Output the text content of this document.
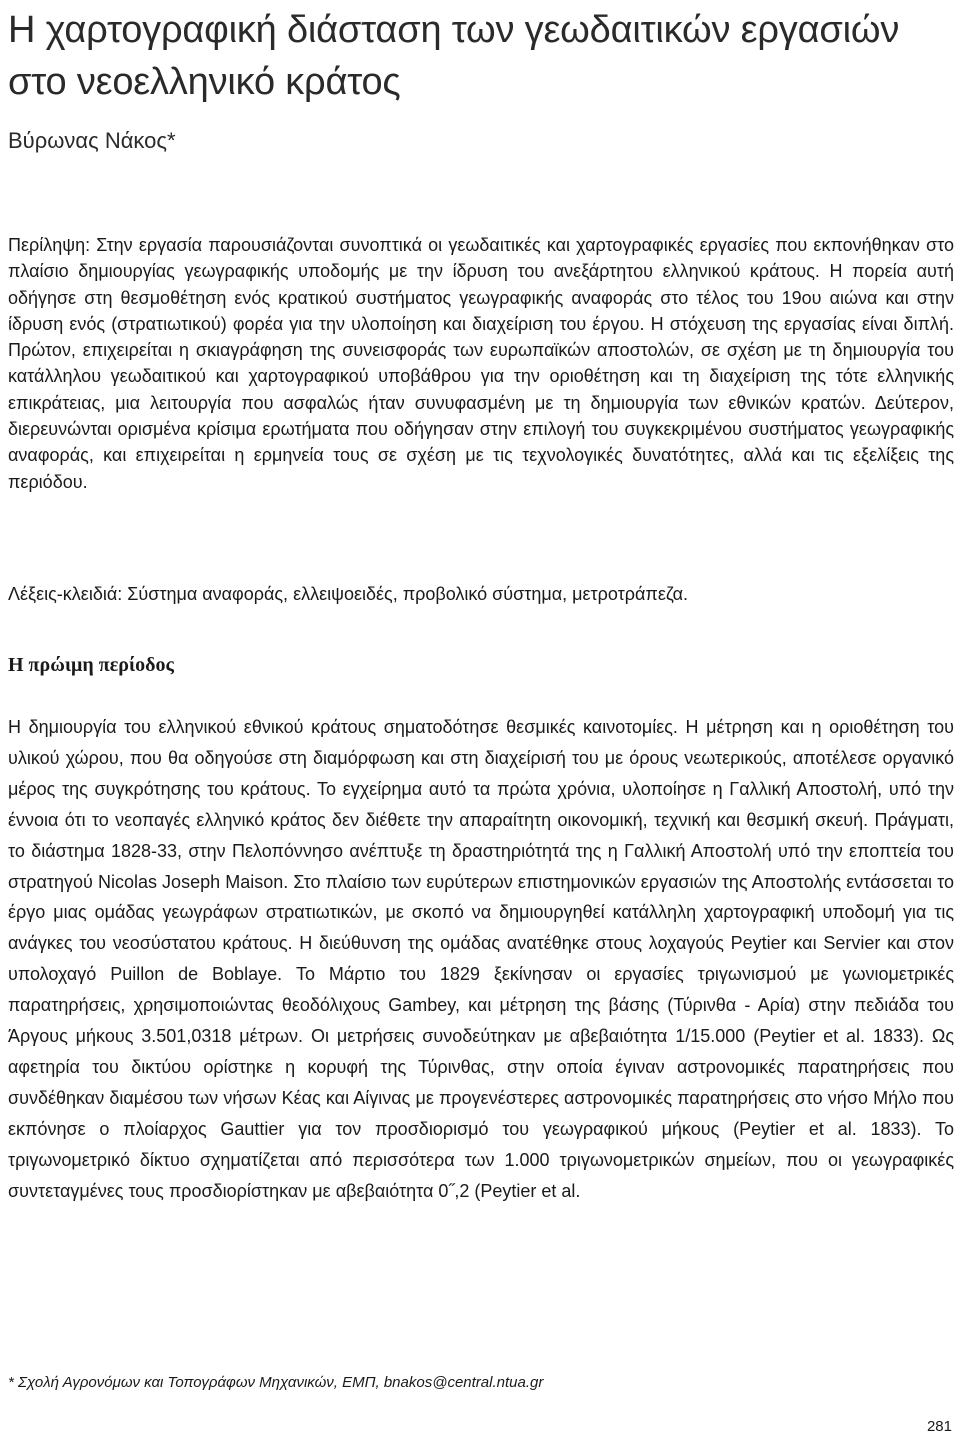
Η χαρτογραφική διάσταση των γεωδαιτικών εργασιών στο νεοελληνικό κράτος
Βύρωνας Νάκος*
Περίληψη: Στην εργασία παρουσιάζονται συνοπτικά οι γεωδαιτικές και χαρτογραφικές εργασίες που εκπονήθηκαν στο πλαίσιο δημιουργίας γεωγραφικής υποδομής με την ίδρυση του ανεξάρτητου ελληνικού κράτους. Η πορεία αυτή οδήγησε στη θεσμοθέτηση ενός κρατικού συστήματος γεωγραφικής αναφοράς στο τέλος του 19ου αιώνα και στην ίδρυση ενός (στρατιωτικού) φορέα για την υλοποίηση και διαχείριση του έργου. Η στόχευση της εργασίας είναι διπλή. Πρώτον, επιχειρείται η σκιαγράφηση της συνεισφοράς των ευρωπαϊκών αποστολών, σε σχέση με τη δημιουργία του κατάλληλου γεωδαιτικού και χαρτογραφικού υποβάθρου για την οριοθέτηση και τη διαχείριση της τότε ελληνικής επικράτειας, μια λειτουργία που ασφαλώς ήταν συνυφασμένη με τη δημιουργία των εθνικών κρατών. Δεύτερον, διερευνώνται ορισμένα κρίσιμα ερωτήματα που οδήγησαν στην επιλογή του συγκεκριμένου συστήματος γεωγραφικής αναφοράς, και επιχειρείται η ερμηνεία τους σε σχέση με τις τεχνολογικές δυνατότητες, αλλά και τις εξελίξεις της περιόδου.
Λέξεις-κλειδιά: Σύστημα αναφοράς, ελλειψοειδές, προβολικό σύστημα, μετροτράπεζα.
Η πρώιμη περίοδος
Η δημιουργία του ελληνικού εθνικού κράτους σηματοδότησε θεσμικές καινοτομίες. Η μέτρηση και η οριοθέτηση του υλικού χώρου, που θα οδηγούσε στη διαμόρφωση και στη διαχείρισή του με όρους νεωτερικούς, αποτέλεσε οργανικό μέρος της συγκρότησης του κράτους. Το εγχείρημα αυτό τα πρώτα χρόνια, υλοποίησε η Γαλλική Αποστολή, υπό την έννοια ότι το νεοπαγές ελληνικό κράτος δεν διέθετε την απαραίτητη οικονομική, τεχνική και θεσμική σκευή. Πράγματι, το διάστημα 1828-33, στην Πελοπόννησο ανέπτυξε τη δραστηριότητά της η Γαλλική Αποστολή υπό την εποπτεία του στρατηγού Nicolas Joseph Maison. Στο πλαίσιο των ευρύτερων επιστημονικών εργασιών της Αποστολής εντάσσεται το έργο μιας ομάδας γεωγράφων στρατιωτικών, με σκοπό να δημιουργηθεί κατάλληλη χαρτογραφική υποδομή για τις ανάγκες του νεοσύστατου κράτους. Η διεύθυνση της ομάδας ανατέθηκε στους λοχαγούς Peytier και Servier και στον υπολοχαγό Puillon de Boblaye. Το Μάρτιο του 1829 ξεκίνησαν οι εργασίες τριγωνισμού με γωνιομετρικές παρατηρήσεις, χρησιμοποιώντας θεοδόλιχους Gambey, και μέτρηση της βάσης (Τύρινθα - Αρία) στην πεδιάδα του Άργους μήκους 3.501,0318 μέτρων. Οι μετρήσεις συνοδεύτηκαν με αβεβαιότητα 1/15.000 (Peytier et al. 1833). Ως αφετηρία του δικτύου ορίστηκε η κορυφή της Τύρινθας, στην οποία έγιναν αστρονομικές παρατηρήσεις που συνδέθηκαν διαμέσου των νήσων Κέας και Αίγινας με προγενέστερες αστρονομικές παρατηρήσεις στο νήσο Μήλο που εκπόνησε ο πλοίαρχος Gauttier για τον προσδιορισμό του γεωγραφικού μήκους (Peytier et al. 1833). Το τριγωνομετρικό δίκτυο σχηματίζεται από περισσότερα των 1.000 τριγωνομετρικών σημείων, που οι γεωγραφικές συντεταγμένες τους προσδιορίστηκαν με αβεβαιότητα 0˝,2 (Peytier et al.
* Σχολή Αγρονόμων και Τοπογράφων Μηχανικών, ΕΜΠ, bnakos@central.ntua.gr
281
